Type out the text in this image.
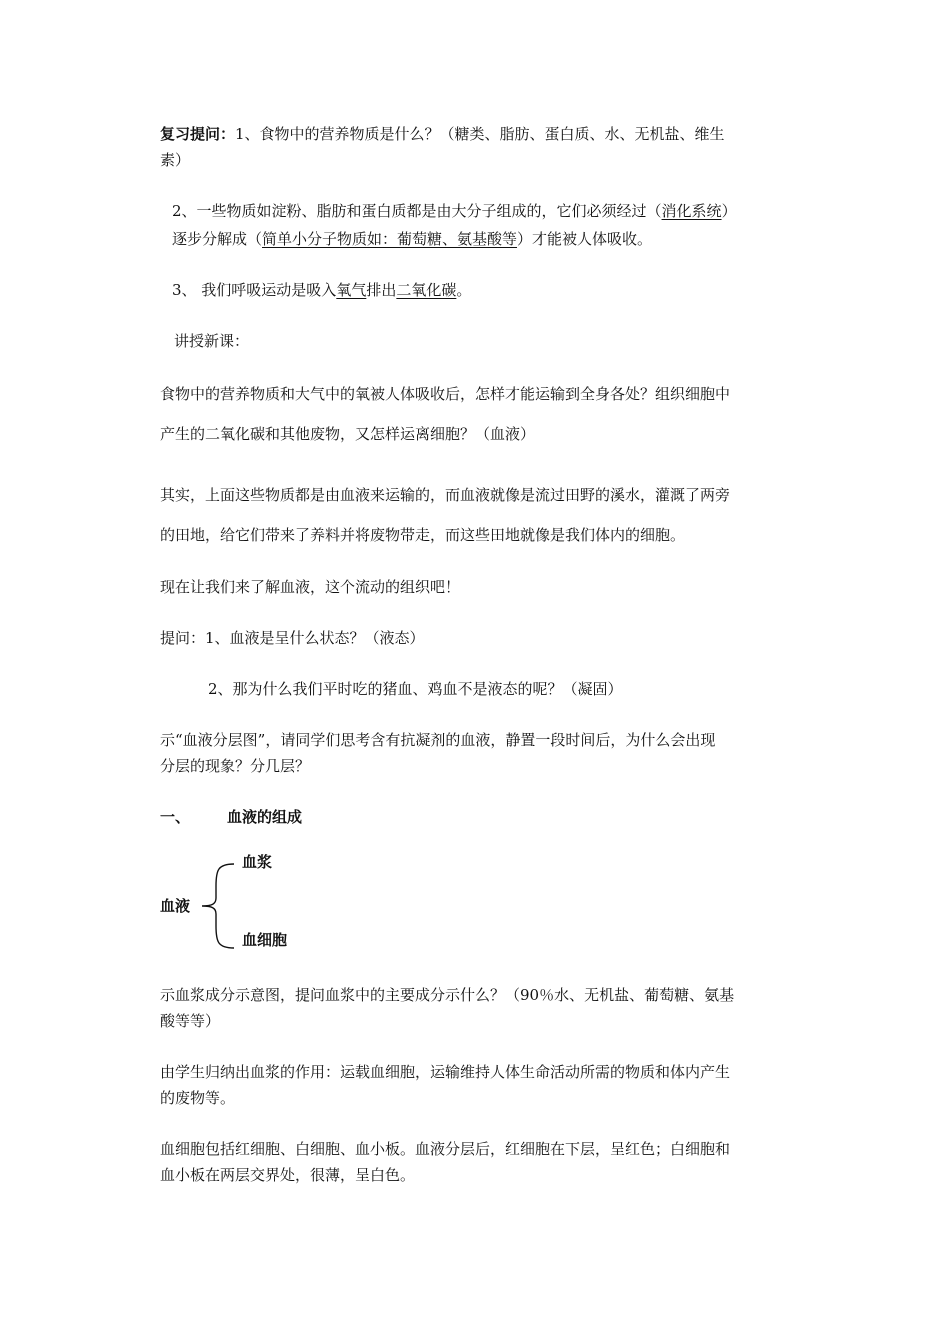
复习提问：1、食物中的营养物质是什么？（糖类、脂肪、蛋白质、水、无机盐、维生
素）
2、一些物质如淀粉、脂肪和蛋白质都是由大分子组成的，它们必须经过（消化系统）
逐步分解成（简单小分子物质如：葡萄糖、氨基酸等）才能被人体吸收。
3、 我们呼吸运动是吸入氧气排出二氧化碳。
讲授新课：
食物中的营养物质和大气中的氧被人体吸收后，怎样才能运输到全身各处？组织细胞中
产生的二氧化碳和其他废物，又怎样运离细胞？（血液）
其实，上面这些物质都是由血液来运输的，而血液就像是流过田野的溪水，灌溉了两旁
的田地，给它们带来了养料并将废物带走，而这些田地就像是我们体内的细胞。
现在让我们来了解血液，这个流动的组织吧！
提问：1、血液是呈什么状态？（液态）
2、那为什么我们平时吃的猪血、鸡血不是液态的呢？（凝固）
示“血液分层图”，请同学们思考含有抗凝剂的血液，静置一段时间后，为什么会出现
分层的现象？分几层？
一、 血液的组成
血浆
血液
血细胞
示血浆成分示意图，提问血浆中的主要成分示什么？（90％水、无机盐、葡萄糖、氨基
酸等等）
由学生归纳出血浆的作用：运载血细胞，运输维持人体生命活动所需的物质和体内产生
的废物等。
血细胞包括红细胞、白细胞、血小板。血液分层后，红细胞在下层，呈红色；白细胞和
血小板在两层交界处，很薄，呈白色。
